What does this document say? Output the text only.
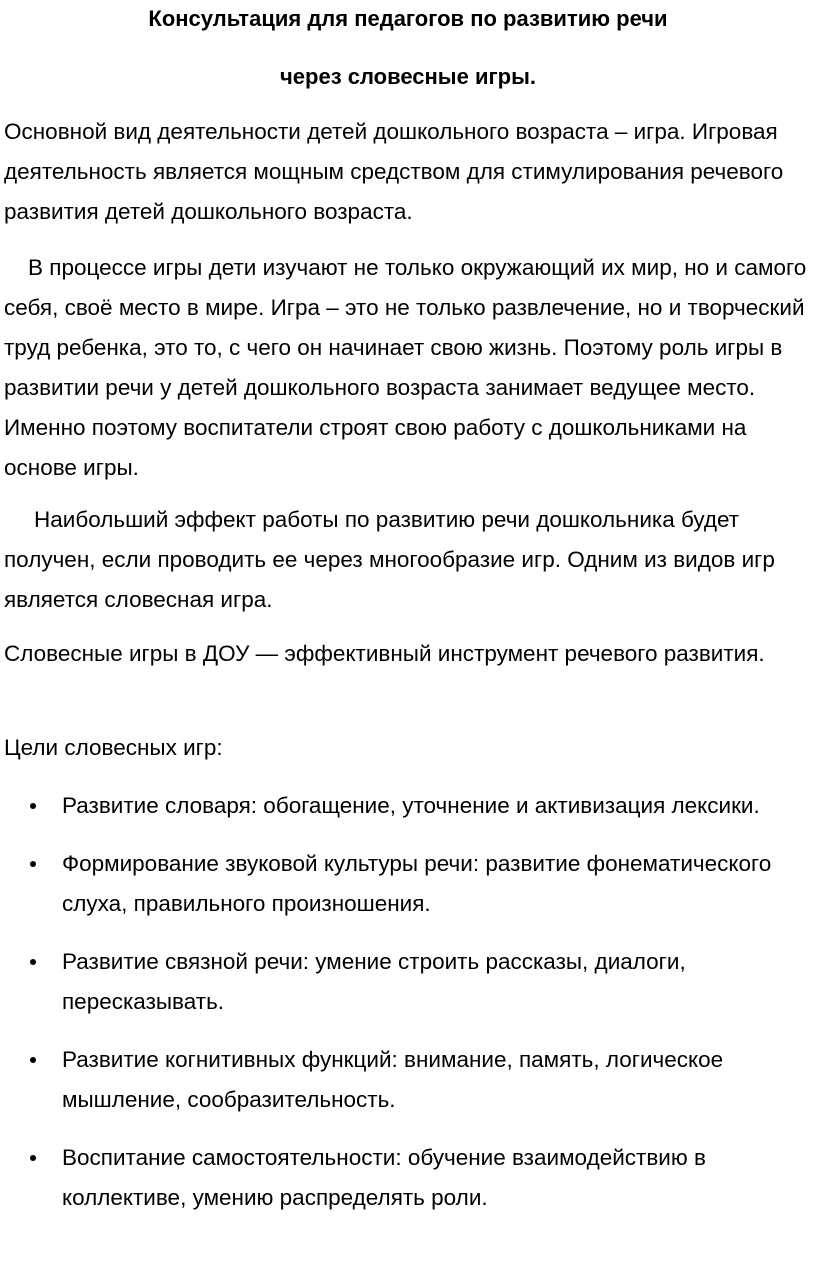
Консультация для педагогов по развитию речи
через словесные игры.

Основной вид деятельности детей дошкольного возраста – игра. Игровая деятельность является мощным средством для стимулирования речевого развития детей дошкольного возраста.

В процессе игры дети изучают не только окружающий их мир, но и самого себя, своё место в мире. Игра – это не только развлечение, но и творческий труд ребенка, это то, с чего он начинает свою жизнь. Поэтому роль игры в развитии речи у детей дошкольного возраста занимает ведущее место. Именно поэтому воспитатели строят свою работу с дошкольниками на основе игры.

Наибольший эффект работы по развитию речи дошкольника будет получен, если проводить ее через многообразие игр. Одним из видов игр является словесная игра.

Словесные игры в ДОУ — эффективный инструмент речевого развития.

Цели словесных игр:

Развитие словаря: обогащение, уточнение и активизация лексики.
Формирование звуковой культуры речи: развитие фонематического слуха, правильного произношения.
Развитие связной речи: умение строить рассказы, диалоги, пересказывать.
Развитие когнитивных функций: внимание, память, логическое мышление, сообразительность.
Воспитание самостоятельности: обучение взаимодействию в коллективе, умению распределять роли.
